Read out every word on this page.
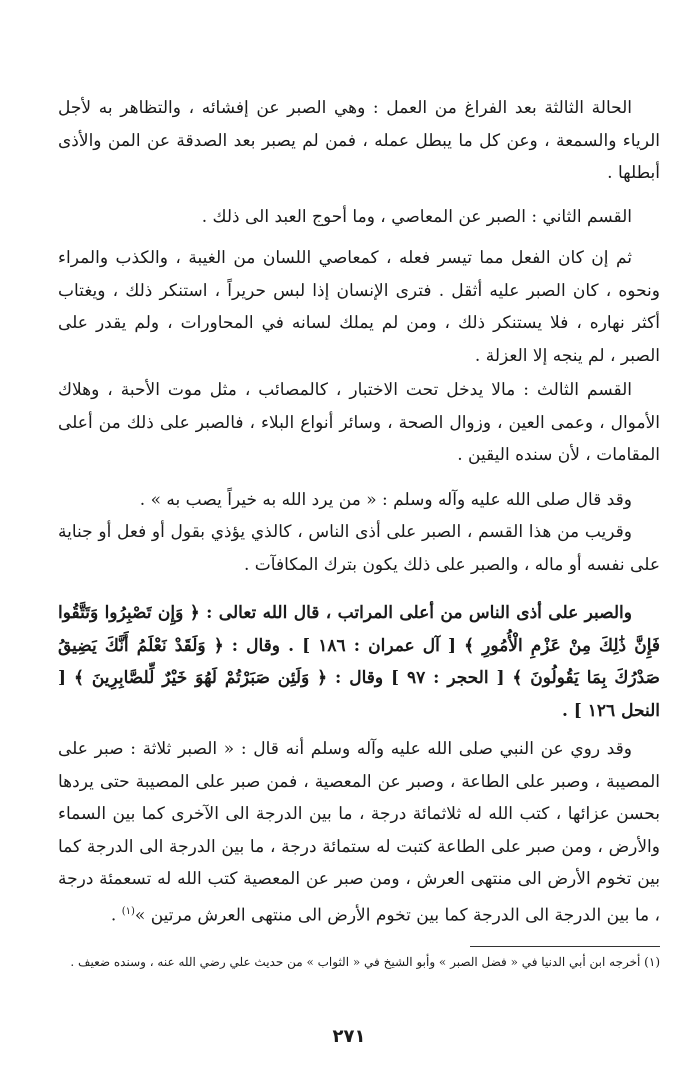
الحالة الثالثة بعد الفراغ من العمل : وهي الصبر عن إفشائه ، والتظاهر به لأجل الرياء والسمعة ، وعن كل ما يبطل عمله ، فمن لم يصبر بعد الصدقة عن المن والأذى أبطلها .

القسم الثاني : الصبر عن المعاصي ، وما أحوج العبد الى ذلك .

ثم إن كان الفعل مما تيسر فعله ، كمعاصي اللسان من الغيبة ، والكذب والمراء ونحوه ، كان الصبر عليه أثقل . فترى الإنسان إذا لبس حريراً ، استنكر ذلك ، ويغتاب أكثر نهاره ، فلا يستنكر ذلك ، ومن لم يملك لسانه في المحاورات ، ولم يقدر على الصبر ، لم ينجه إلا العزلة .

القسم الثالث : مالا يدخل تحت الاختبار ، كالمصائب ، مثل موت الأحبة ، وهلاك الأموال ، وعمى العين ، وزوال الصحة ، وسائر أنواع البلاء ، فالصبر على ذلك من أعلى المقامات ، لأن سنده اليقين .

وقد قال صلى الله عليه وآله وسلم : « من يرد الله به خيراً يصب به » .

وقريب من هذا القسم ، الصبر على أذى الناس ، كالذي يؤذي بقول أو فعل أو جناية على نفسه أو ماله ، والصبر على ذلك يكون بترك المكافآت .

والصبر على أذى الناس من أعلى المراتب ، قال الله تعالى : ﴿ وَإِن تَصْبِرُوا وَتَتَّقُوا فَإِنَّ ذَٰلِكَ مِنْ عَزْمِ الْأُمُورِ ﴾ [ آل عمران : ١٨٦ ] . وقال : ﴿ وَلَقَدْ نَعْلَمُ أَنَّكَ يَضِيقُ صَدْرُكَ بِمَا يَقُولُونَ ﴾ [ الحجر : ٩٧ ] وقال : ﴿ وَلَئِن صَبَرْتُمْ لَهُوَ خَيْرٌ لِّلصَّابِرِينَ ﴾ [ النحل ١٢٦ ] .

وقد روي عن النبي صلى الله عليه وآله وسلم أنه قال : « الصبر ثلاثة : صبر على المصيبة ، وصبر على الطاعة ، وصبر عن المعصية ، فمن صبر على المصيبة حتى يردها بحسن عزائها ، كتب الله له ثلاثمائة درجة ، ما بين الدرجة الى الآخرى كما بين السماء والأرض ، ومن صبر على الطاعة كتبت له ستمائة درجة ، ما بين الدرجة الى الدرجة كما بين تخوم الأرض الى منتهى العرش ، ومن صبر عن المعصية كتب الله له تسعمئة درجة ، ما بين الدرجة الى الدرجة كما بين تخوم الأرض الى منتهى العرش مرتين »$^{(١)}$ .

(١) أخرجه ابن أبي الدنيا في « فضل الصبر » وأبو الشيخ في « الثواب » من حديث علي رضي الله عنه ، وسنده ضعيف .

٢٧١
